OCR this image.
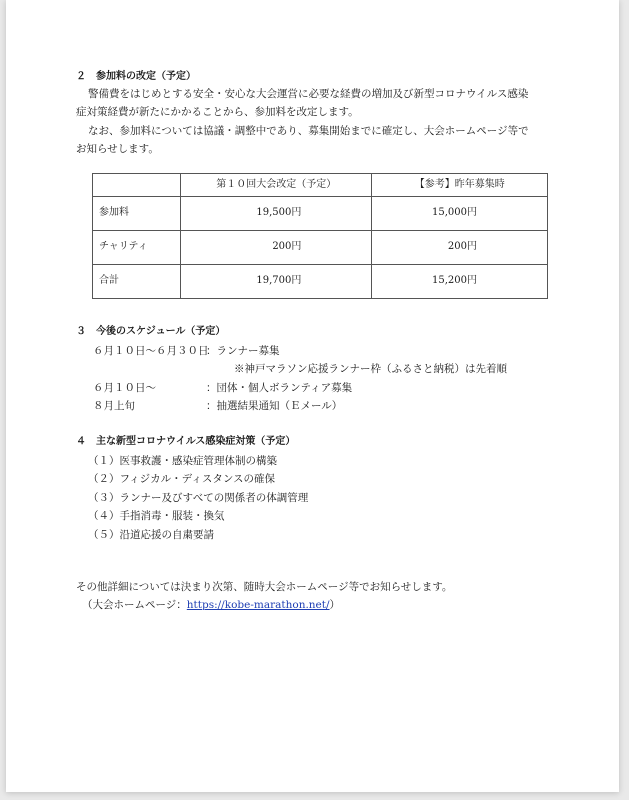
２　参加料の改定（予定）
警備費をはじめとする安全・安心な大会運営に必要な経費の増加及び新型コロナウイルス感染
症対策経費が新たにかかることから、参加料を改定します。
なお、参加料については協議・調整中であり、募集開始までに確定し、大会ホームページ等で
お知らせします。
	第１０回大会改定（予定）	【参考】昨年募集時
参加料	19,500円	15,000円
チャリティ	200円	200円
合計	19,700円	15,200円
３　今後のスケジュール（予定）
６月１０日～６月３０日
：ランナー募集
※神戸マラソン応援ランナー枠（ふるさと納税）は先着順
６月１０日～	：団体・個人ボランティア募集
８月上旬	：抽選結果通知（Ｅメール）
４　主な新型コロナウイルス感染症対策（予定）
（１）医事救護・感染症管理体制の構築
（２）フィジカル・ディスタンスの確保
（３）ランナー及びすべての関係者の体調管理
（４）手指消毒・服装・換気
（５）沿道応援の自粛要請
その他詳細については決まり次第、随時大会ホームページ等でお知らせします。
（大会ホームページ：https://kobe-marathon.net/）
